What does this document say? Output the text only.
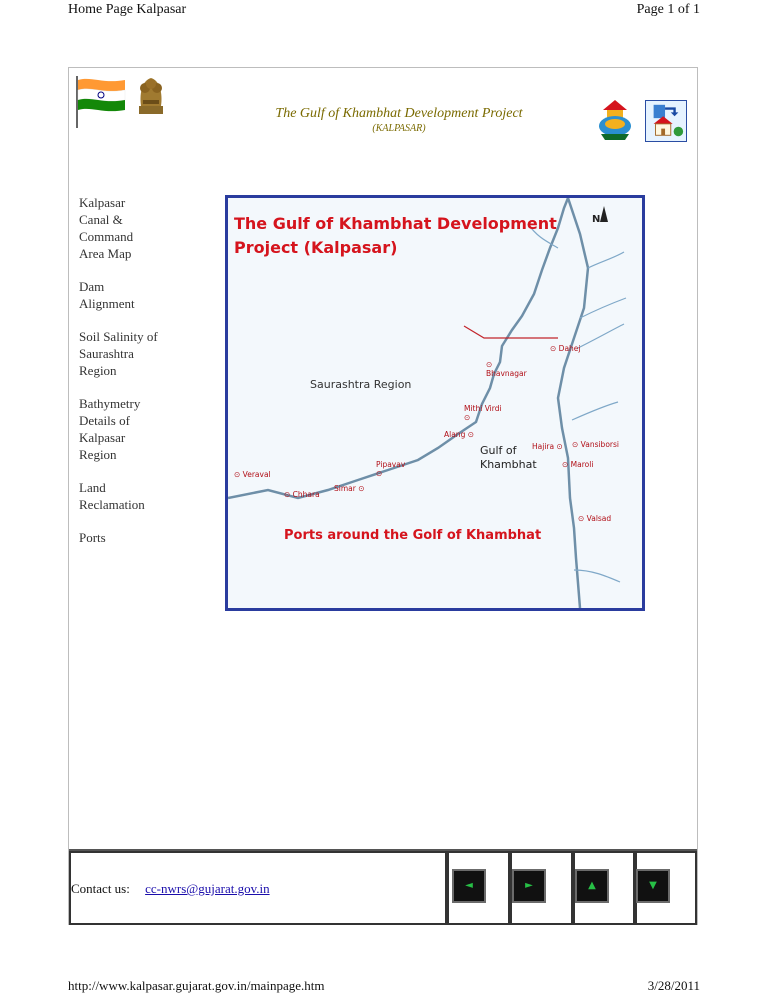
Home Page Kalpasar	Page 1 of 1
The Gulf of Khambhat Development Project
(KALPASAR)
Kalpasar Canal & Command Area Map
Dam Alignment
Soil Salinity of Saurashtra Region
Bathymetry Details of Kalpasar Region
Land Reclamation
Ports
The Gulf of Khambhat Development
Project (Kalpasar)
N
Saurashtra Region
Gulf of
Khambhat
⊙ Veraval
⊙ Chhara
Simar ⊙
Pipavav
⊙
Alang ⊙
Mithi Virdi
⊙
⊙
Bhavnagar
⊙ Dahej
Hajira ⊙ ⊙ Vansiborsi
⊙ Maroli
⊙ Valsad
Ports around the Golf of Khambhat
Contact us: cc-nwrs@gujarat.gov.in	◄	►	▲	▼
http://www.kalpasar.gujarat.gov.in/mainpage.htm	3/28/2011
